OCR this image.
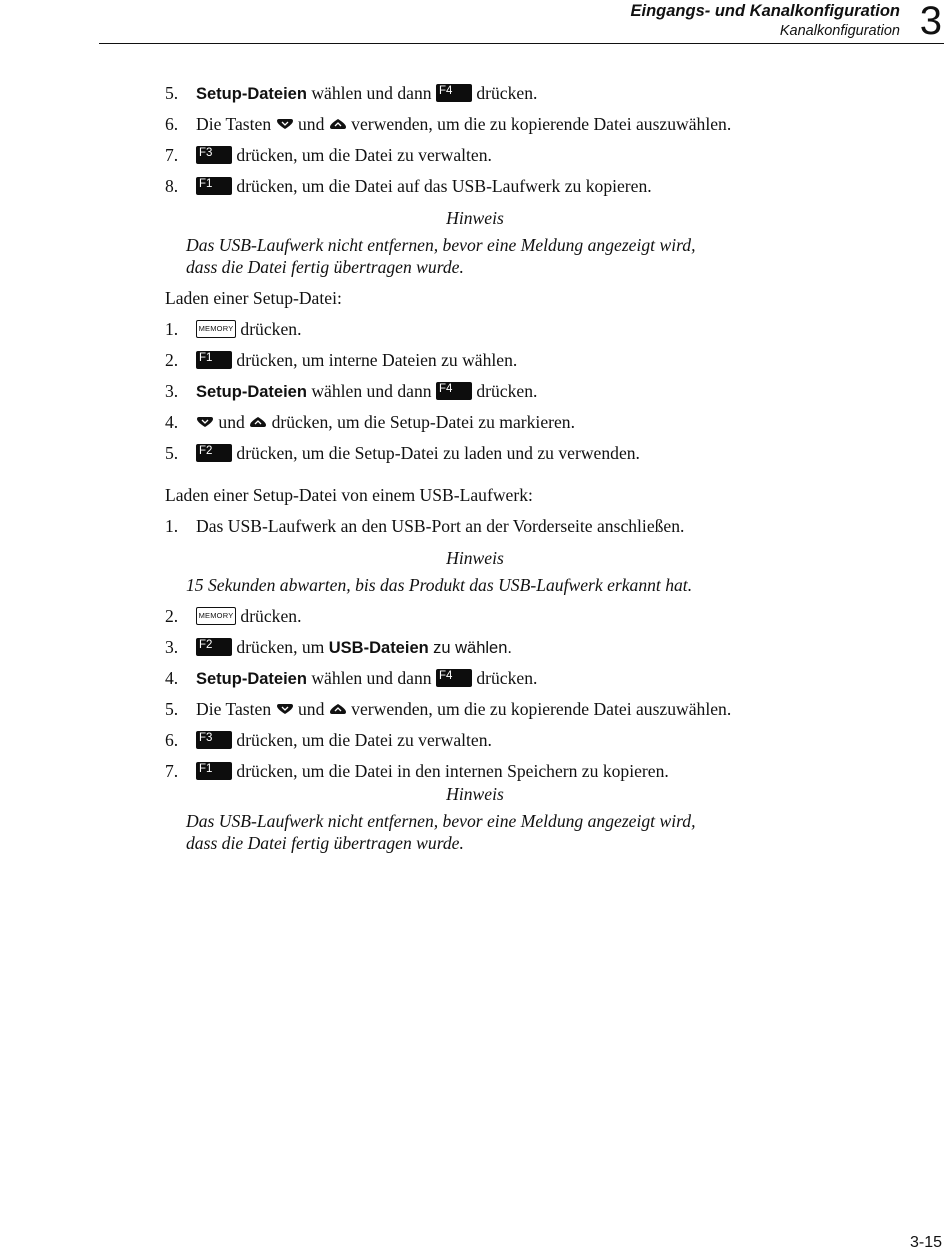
Eingangs- und Kanalkonfiguration
Kanalkonfiguration 3
5. Setup-Dateien wählen und dann F4 drücken.
6. Die Tasten und verwenden, um die zu kopierende Datei auszuwählen.
7. F3 drücken, um die Datei zu verwalten.
8. F1 drücken, um die Datei auf das USB-Laufwerk zu kopieren.
Hinweis
Das USB-Laufwerk nicht entfernen, bevor eine Meldung angezeigt wird,
dass die Datei fertig übertragen wurde.
Laden einer Setup-Datei:
1.	MEMORY drücken.
2. F1 drücken, um interne Dateien zu wählen.
3. Setup-Dateien wählen und dann F4 drücken.
4.	und drücken, um die Setup-Datei zu markieren.
5. F2 drücken, um die Setup-Datei zu laden und zu verwenden.
Laden einer Setup-Datei von einem USB-Laufwerk:
1. Das USB-Laufwerk an den USB-Port an der Vorderseite anschließen.
Hinweis
15 Sekunden abwarten, bis das Produkt das USB-Laufwerk erkannt hat.
2.	MEMORY drücken.
3. F2 drücken, um USB-Dateien zu wählen.
4. Setup-Dateien wählen und dann F4 drücken.
5. Die Tasten und verwenden, um die zu kopierende Datei auszuwählen.
6. F3 drücken, um die Datei zu verwalten.
7. F1 drücken, um die Datei in den internen Speichern zu kopieren.
Hinweis
Das USB-Laufwerk nicht entfernen, bevor eine Meldung angezeigt wird,
dass die Datei fertig übertragen wurde.
3-15
